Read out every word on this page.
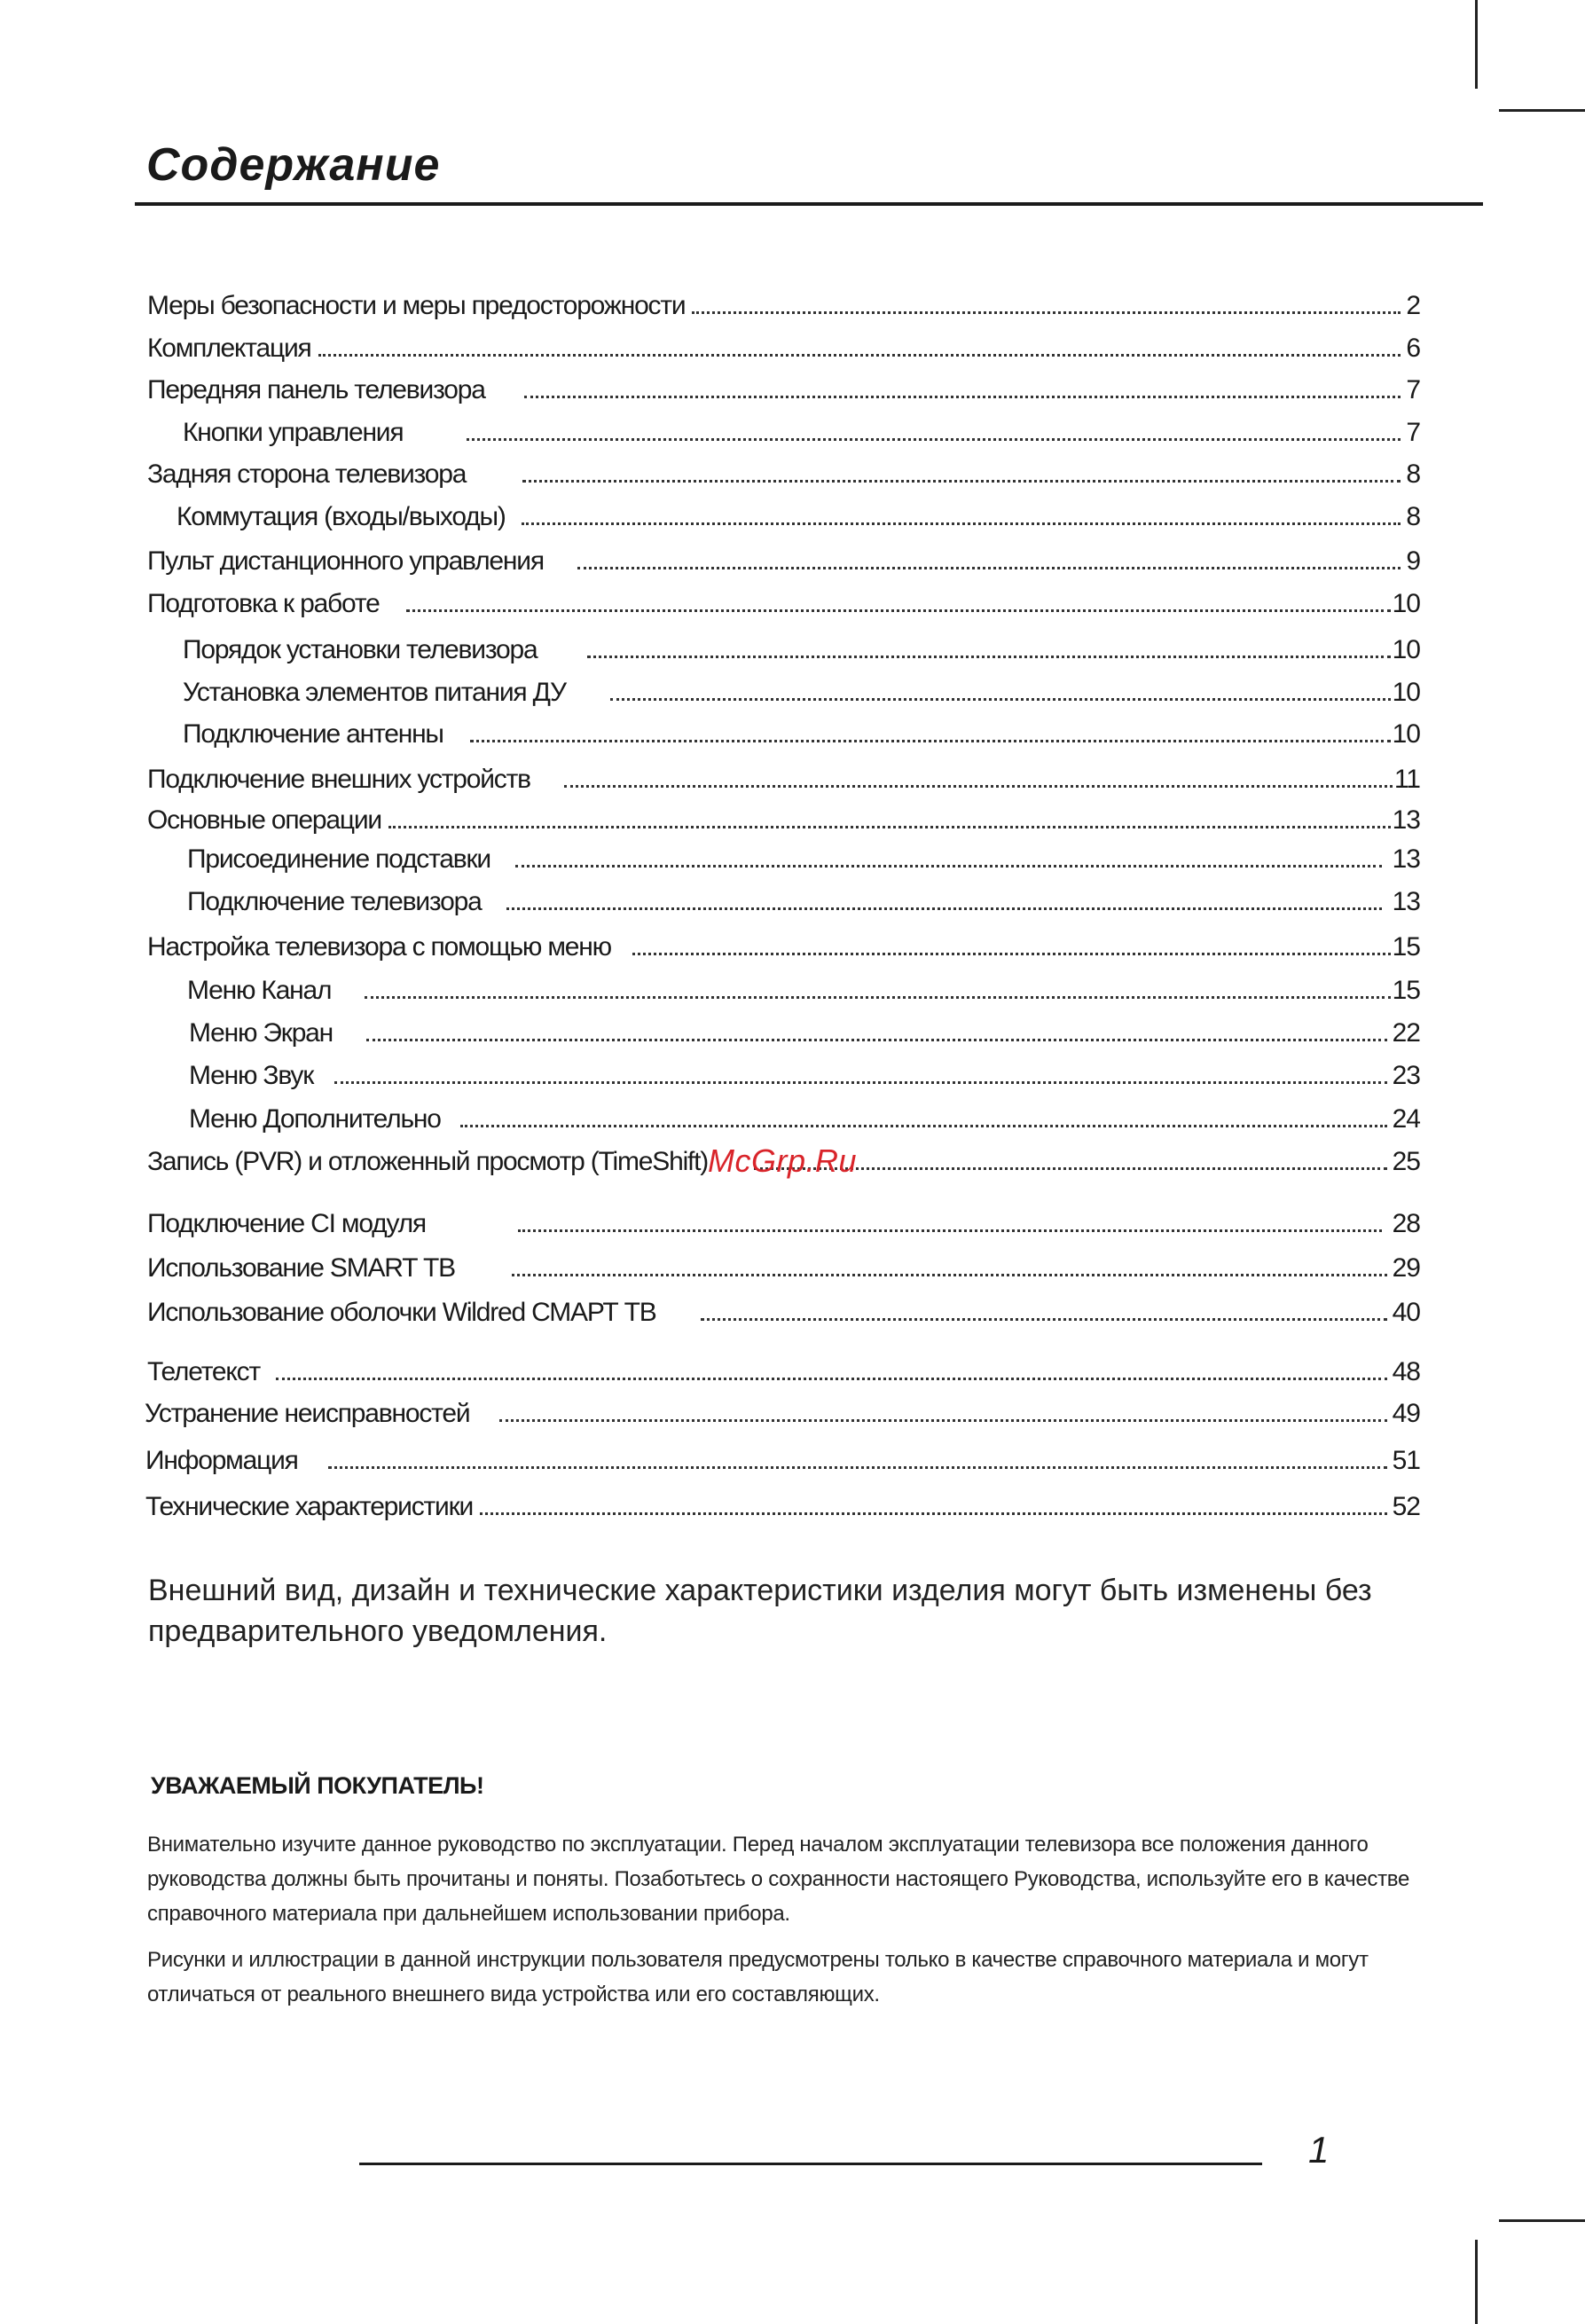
Содержание
Меры безопасности и меры предосторожности	2
Комплектация	6
Передняя панель телевизора	7
Кнопки управления	7
Задняя сторона телевизора	8
Коммутация (входы/выходы)	8
Пульт дистанционного управления	9
Подготовка к работе	10
Порядок установки телевизора	10
Установка элементов питания ДУ	10
Подключение антенны	10
Подключение внешних устройств	11
Основные операции	13
Присоединение подставки	13
Подключение телевизора	13
Настройка телевизора с помощью меню	15
Меню Канал	15
Меню Экран	22
Меню Звук	23
Меню Дополнительно	24
Запись (PVR) и отложенный просмотр (TimeShift)	25
Подключение CI модуля	28
Использование SMART ТВ	29
Использование оболочки Wildred СМАРТ ТВ	40
Телетекст	48
Устранение неисправностей	49
Информация	51
Технические характеристики	52
McGrp.Ru

Внешний вид, дизайн и технические характеристики изделия могут быть изменены без предварительного уведомления.

УВАЖАЕМЫЙ ПОКУПАТЕЛЬ!

Внимательно изучите данное руководство по эксплуатации. Перед началом эксплуатации телевизора все положения данного руководства должны быть прочитаны и поняты. Позаботьтесь о сохранности настоящего Руководства, используйте его в качестве справочного материала при дальнейшем использовании прибора.

Рисунки и иллюстрации в данной инструкции пользователя предусмотрены только в качестве справочного материала и могут отличаться от реального внешнего вида устройства или его составляющих.

1
